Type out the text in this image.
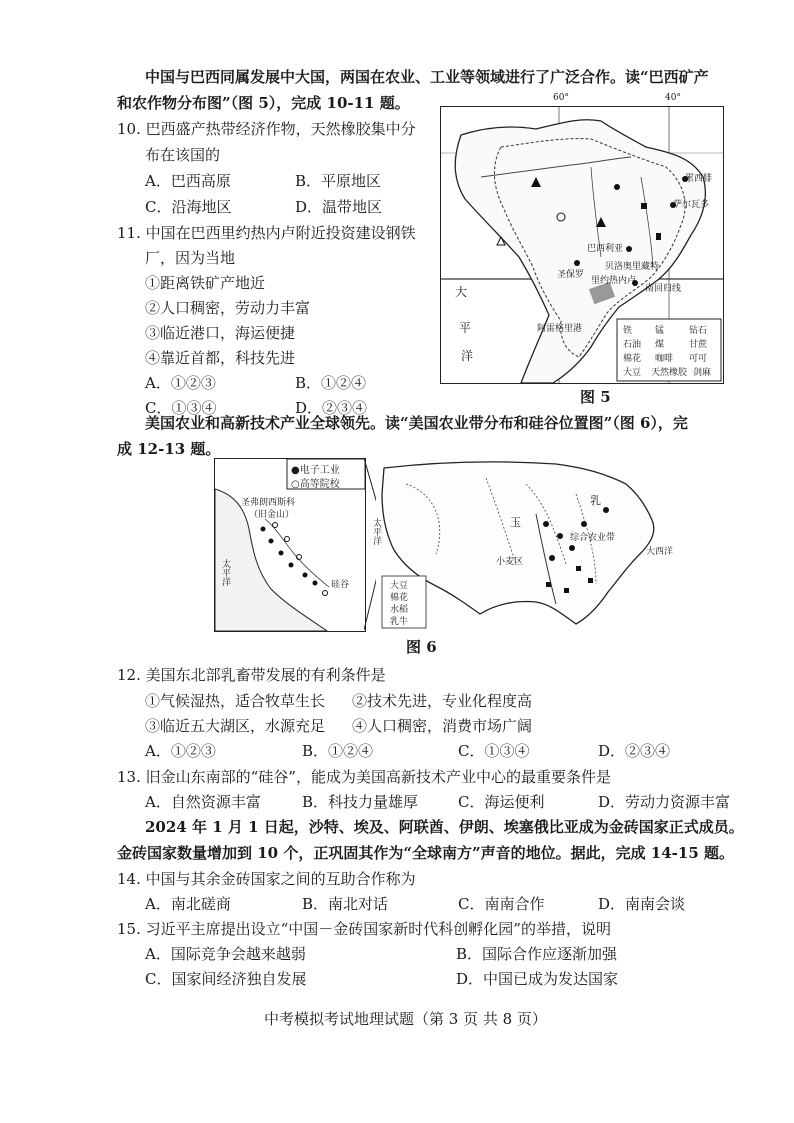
中国与巴西同属发展中大国，两国在农业、工业等领域进行了广泛合作。读“巴西矿产
和农作物分布图”（图 5），完成 10-11 题。
10. 巴西盛产热带经济作物，天然橡胶集中分
布在该国的
A．巴西高原	B．平原地区
C．沿海地区	D．温带地区
11. 中国在巴西里约热内卢附近投资建设钢铁
厂，因为当地
①距离铁矿产地近
②人口稠密，劳动力丰富
③临近港口，海运便捷
④靠近首都，科技先进
A．①②③	B．①②④
C．①③④	D．②③④
60°	40°
巴西利亚
里约热内卢
圣保罗
萨尔瓦多
累西腓
贝洛奥里藏特
阿雷格里港
南回归线
大
平
洋
铁	锰	钻石
石油 煤	甘蔗
棉花 咖啡 可可
大豆 天然橡胶 剑麻
图 5
美国农业和高新技术产业全球领先。读“美国农业带分布和硅谷位置图”（图 6），完
成 12-13 题。
●电子工业
○高等院校
圣弗朗西斯科
（旧金山）
太平洋	硅谷
玉
小麦区
综合农业带
乳
大西洋
太平洋
大豆
棉花
水稻
乳牛
图 6
12. 美国东北部乳畜带发展的有利条件是
①气候湿热，适合牧草生长 ②技术先进，专业化程度高
③临近五大湖区，水源充足 ④人口稠密，消费市场广阔
A．①②③	B．①②④	C．①③④	D．②③④
13. 旧金山东南部的“硅谷”，能成为美国高新技术产业中心的最重要条件是
A．自然资源丰富	B．科技力量雄厚	C．海运便利	D．劳动力资源丰富
2024 年 1 月 1 日起，沙特、埃及、阿联酋、伊朗、埃塞俄比亚成为金砖国家正式成员。
金砖国家数量增加到 10 个，正巩固其作为“全球南方”声音的地位。据此，完成 14-15 题。
14. 中国与其余金砖国家之间的互助合作称为
A．南北磋商	B．南北对话	C．南南合作	D．南南会谈
15. 习近平主席提出设立“中国－金砖国家新时代科创孵化园”的举措，说明
A．国际竞争会越来越弱	B．国际合作应逐渐加强
C．国家间经济独自发展	D．中国已成为发达国家
中考模拟考试地理试题（第 3 页 共 8 页）
